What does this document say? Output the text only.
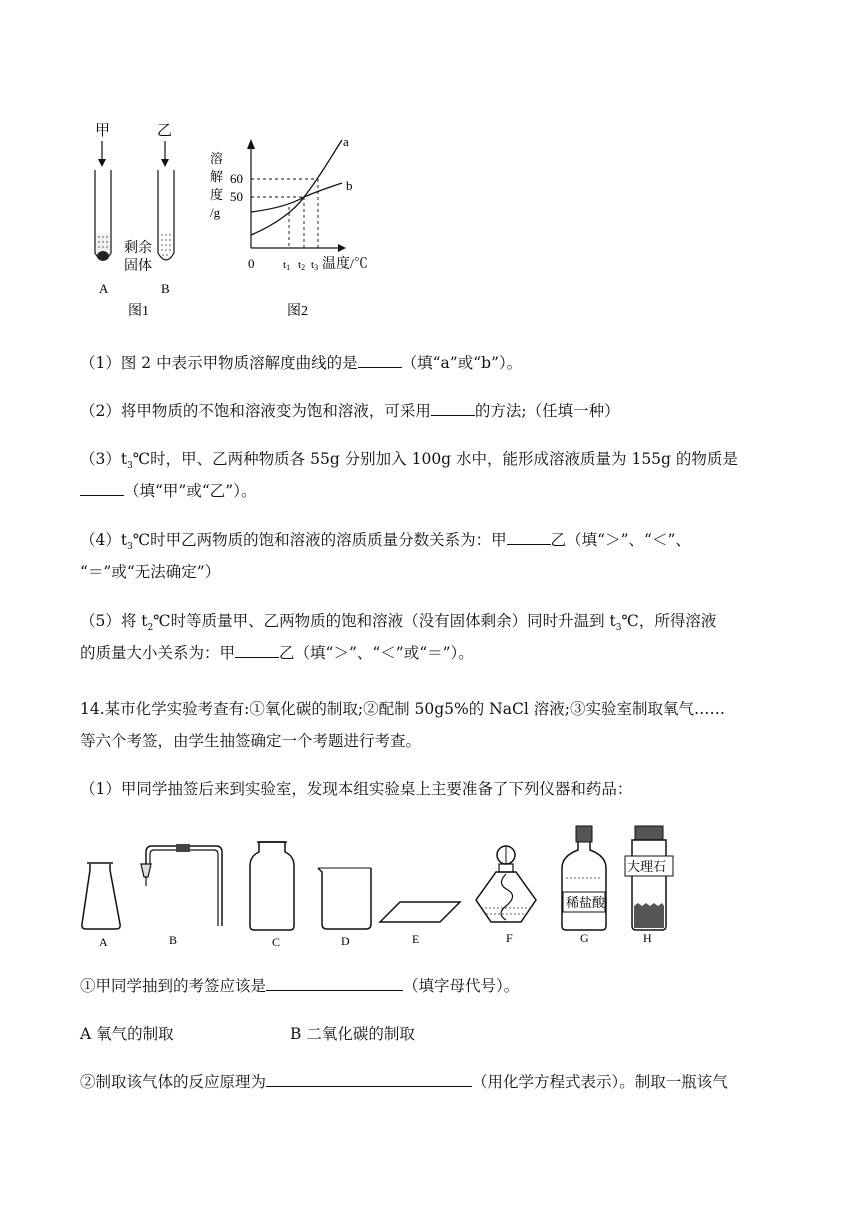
甲	乙
剩余
固体
A	B
图1
溶
解
度
/g
60
50
a
b
0	t1 t2 t3 温度/℃
图2
（1）图 2 中表示甲物质溶解度曲线的是	（填“a”或“b”）。
（2）将甲物质的不饱和溶液变为饱和溶液，可采用	的方法;（任填一种）
$(3)t_3℃$时，甲、乙两种物质各 55g 分别加入 100g 水中，能形成溶液质量为 155g 的物质是
（填“甲”或“乙”）。
$(4)t_3℃$时甲乙两物质的饱和溶液的溶质质量分数关系为：甲	乙（填“＞”、“＜”、
“＝”或“无法确定”）
（5）将 $t_2℃$时等质量甲、乙两物质的饱和溶液（没有固体剩余）同时升温到 $t_3℃$，所得溶液
的质量大小关系为：甲	乙（填“＞”、“＜”或“＝”）。
14.某市化学实验考查有:①氧化碳的制取;②配制 50g5%的 NaCl 溶液;③实验室制取氧气……
等六个考签，由学生抽签确定一个考题进行考查。
（1）甲同学抽签后来到实验室，发现本组实验桌上主要准备了下列仪器和药品：
稀盐酸
大理石
A	B	C	D	E	F	G	H
①甲同学抽到的考签应该是	（填字母代号）。
A 氧气的制取	B 二氧化碳的制取
②制取该气体的反应原理为	（用化学方程式表示）。制取一瓶该气
